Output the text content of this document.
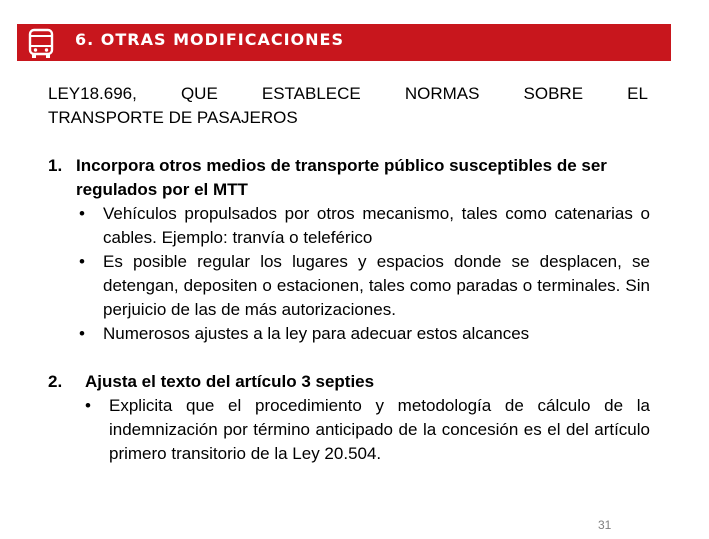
6. OTRAS MODIFICACIONES
LEY18.696,	QUE	ESTABLECE	NORMAS	SOBRE	EL
TRANSPORTE DE PASAJEROS
1. Incorpora otros medios de transporte público susceptibles de ser regulados por el MTT
• Vehículos propulsados por otros mecanismo, tales como catenarias o cables. Ejemplo: tranvía o teleférico
• Es posible regular los lugares y espacios donde se desplacen, se detengan, depositen o estacionen, tales como paradas o terminales. Sin perjuicio de las de más autorizaciones.
• Numerosos ajustes a la ley para adecuar estos alcances
2. Ajusta el texto del artículo 3 septies
• Explicita que el procedimiento y metodología de cálculo de la indemnización por término anticipado de la concesión es el del artículo primero transitorio de la Ley 20.504.
31
